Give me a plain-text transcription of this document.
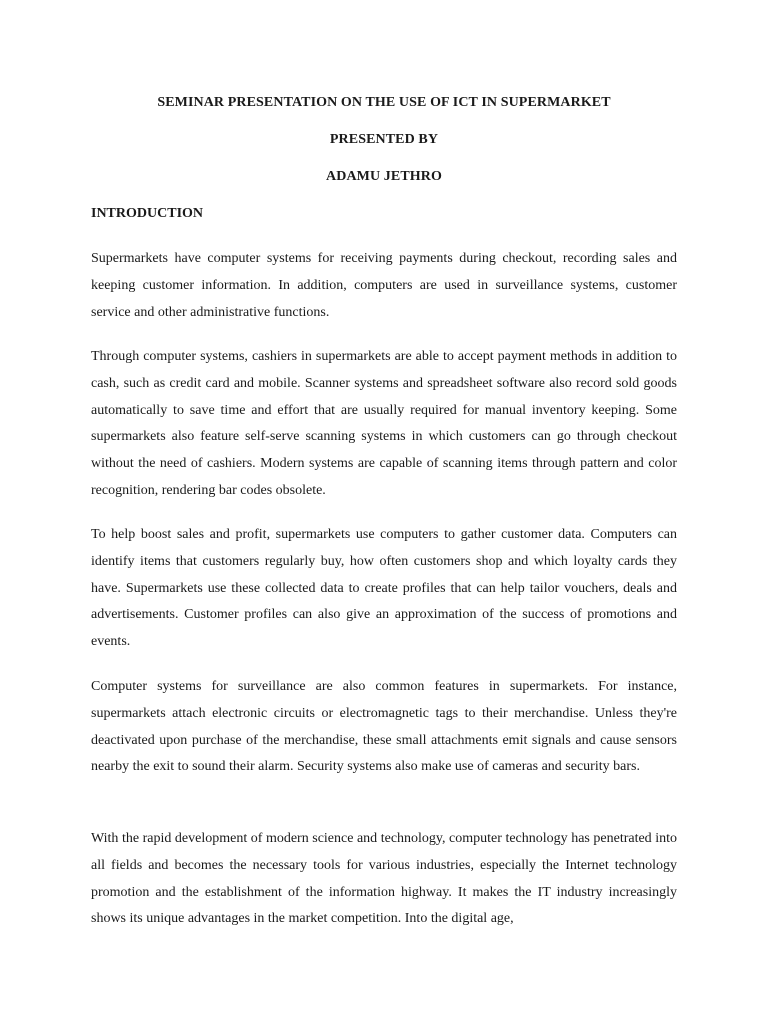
SEMINAR PRESENTATION ON THE USE OF ICT IN SUPERMARKET
PRESENTED BY
ADAMU JETHRO
INTRODUCTION

Supermarkets have computer systems for receiving payments during checkout, recording sales and keeping customer information. In addition, computers are used in surveillance systems, customer service and other administrative functions.

Through computer systems, cashiers in supermarkets are able to accept payment methods in addition to cash, such as credit card and mobile. Scanner systems and spreadsheet software also record sold goods automatically to save time and effort that are usually required for manual inventory keeping. Some supermarkets also feature self-serve scanning systems in which customers can go through checkout without the need of cashiers. Modern systems are capable of scanning items through pattern and color recognition, rendering bar codes obsolete.

To help boost sales and profit, supermarkets use computers to gather customer data. Computers can identify items that customers regularly buy, how often customers shop and which loyalty cards they have. Supermarkets use these collected data to create profiles that can help tailor vouchers, deals and advertisements. Customer profiles can also give an approximation of the success of promotions and events.

Computer systems for surveillance are also common features in supermarkets. For instance, supermarkets attach electronic circuits or electromagnetic tags to their merchandise. Unless they're deactivated upon purchase of the merchandise, these small attachments emit signals and cause sensors nearby the exit to sound their alarm. Security systems also make use of cameras and security bars.

With the rapid development of modern science and technology, computer technology has penetrated into all fields and becomes the necessary tools for various industries, especially the Internet technology promotion and the establishment of the information highway. It makes the IT industry increasingly shows its unique advantages in the market competition. Into the digital age,
